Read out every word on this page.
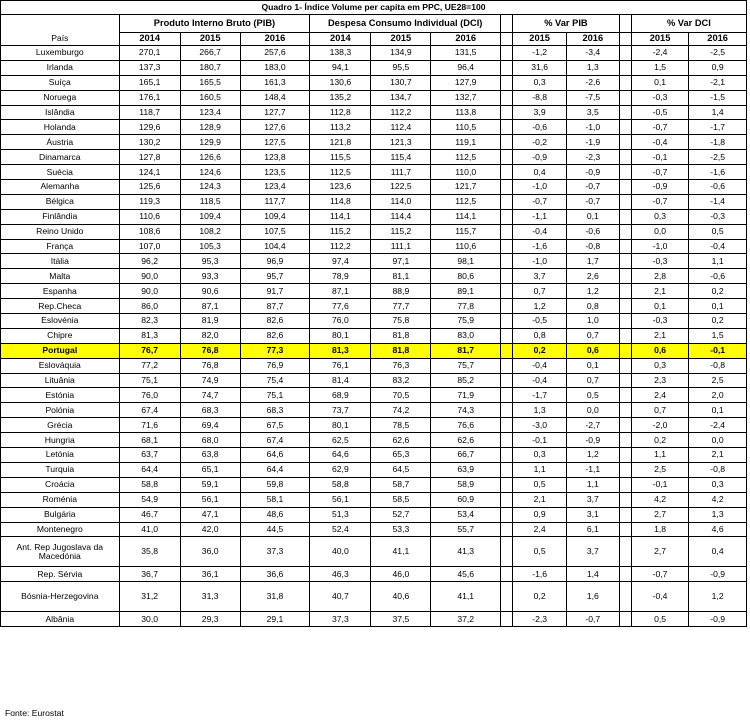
Quadro 1- Índice Volume per capita em PPC, UE28=100												
	Produto Interno Bruto (PIB)			Despesa Consumo Individual (DCI)				% Var PIB			% Var DCI	
País	2014	2015	2016	2014	2015	2016		2015	2016		2015	2016
Luxemburgo	270,1	266,7	257,6	138,3	134,9	131,5		-1,2	-3,4		-2,4	-2,5
Irlanda	137,3	180,7	183,0	94,1	95,5	96,4		31,6	1,3		1,5	0,9
Suíça	165,1	165,5	161,3	130,6	130,7	127,9		0,3	-2,6		0,1	-2,1
Noruega	176,1	160,5	148,4	135,2	134,7	132,7		-8,8	-7,5		-0,3	-1,5
Islândia	118,7	123,4	127,7	112,8	112,2	113,8		3,9	3,5		-0,5	1,4
Holanda	129,6	128,9	127,6	113,2	112,4	110,5		-0,6	-1,0		-0,7	-1,7
Áustria	130,2	129,9	127,5	121,8	121,3	119,1		-0,2	-1,9		-0,4	-1,8
Dinamarca	127,8	126,6	123,8	115,5	115,4	112,5		-0,9	-2,3		-0,1	-2,5
Suécia	124,1	124,6	123,5	112,5	111,7	110,0		0,4	-0,9		-0,7	-1,6
Alemanha	125,6	124,3	123,4	123,6	122,5	121,7		-1,0	-0,7		-0,9	-0,6
Bélgica	119,3	118,5	117,7	114,8	114,0	112,5		-0,7	-0,7		-0,7	-1,4
Finlândia	110,6	109,4	109,4	114,1	114,4	114,1		-1,1	0,1		0,3	-0,3
Reino Unido	108,6	108,2	107,5	115,2	115,2	115,7		-0,4	-0,6		0,0	0,5
França	107,0	105,3	104,4	112,2	111,1	110,6		-1,6	-0,8		-1,0	-0,4
Itália	96,2	95,3	96,9	97,4	97,1	98,1		-1,0	1,7		-0,3	1,1
Malta	90,0	93,3	95,7	78,9	81,1	80,6		3,7	2,6		2,8	-0,6
Espanha	90,0	90,6	91,7	87,1	88,9	89,1		0,7	1,2		2,1	0,2
Rep.Checa	86,0	87,1	87,7	77,6	77,7	77,8		1,2	0,8		0,1	0,1
Eslovénia	82,3	81,9	82,6	76,0	75,8	75,9		-0,5	1,0		-0,3	0,2
Chipre	81,3	82,0	82,6	80,1	81,8	83,0		0,8	0,7		2,1	1,5
Portugal	76,7	76,8	77,3	81,3	81,8	81,7		0,2	0,6		0,6	-0,1
Eslováquia	77,2	76,8	76,9	76,1	76,3	75,7		-0,4	0,1		0,3	-0,8
Lituânia	75,1	74,9	75,4	81,4	83,2	85,2		-0,4	0,7		2,3	2,5
Estónia	76,0	74,7	75,1	68,9	70,5	71,9		-1,7	0,5		2,4	2,0
Polónia	67,4	68,3	68,3	73,7	74,2	74,3		1,3	0,0		0,7	0,1
Grécia	71,6	69,4	67,5	80,1	78,5	76,6		-3,0	-2,7		-2,0	-2,4
Hungria	68,1	68,0	67,4	62,5	62,6	62,6		-0,1	-0,9		0,2	0,0
Letónia	63,7	63,8	64,6	64,6	65,3	66,7		0,3	1,2		1,1	2,1
Turquia	64,4	65,1	64,4	62,9	64,5	63,9		1,1	-1,1		2,5	-0,8
Croácia	58,8	59,1	59,8	58,8	58,7	58,9		0,5	1,1		-0,1	0,3
Roménia	54,9	56,1	58,1	56,1	58,5	60,9		2,1	3,7		4,2	4,2
Bulgária	46,7	47,1	48,6	51,3	52,7	53,4		0,9	3,1		2,7	1,3
Montenegro	41,0	42,0	44,5	52,4	53,3	55,7		2,4	6,1		1,8	4,6
Ant. Rep Jugoslava da Macedónia	35,8	36,0	37,3	40,0	41,1	41,3		0,5	3,7		2,7	0,4
Rep. Sérvia	36,7	36,1	36,6	46,3	46,0	45,6		-1,6	1,4		-0,7	-0,9
Bósnia-Herzegovina	31,2	31,3	31,8	40,7	40,6	41,1		0,2	1,6		-0,4	1,2
Albânia	30,0	29,3	29,1	37,3	37,5	37,2		-2,3	-0,7		0,5	-0,9
Fonte: Eurostat
